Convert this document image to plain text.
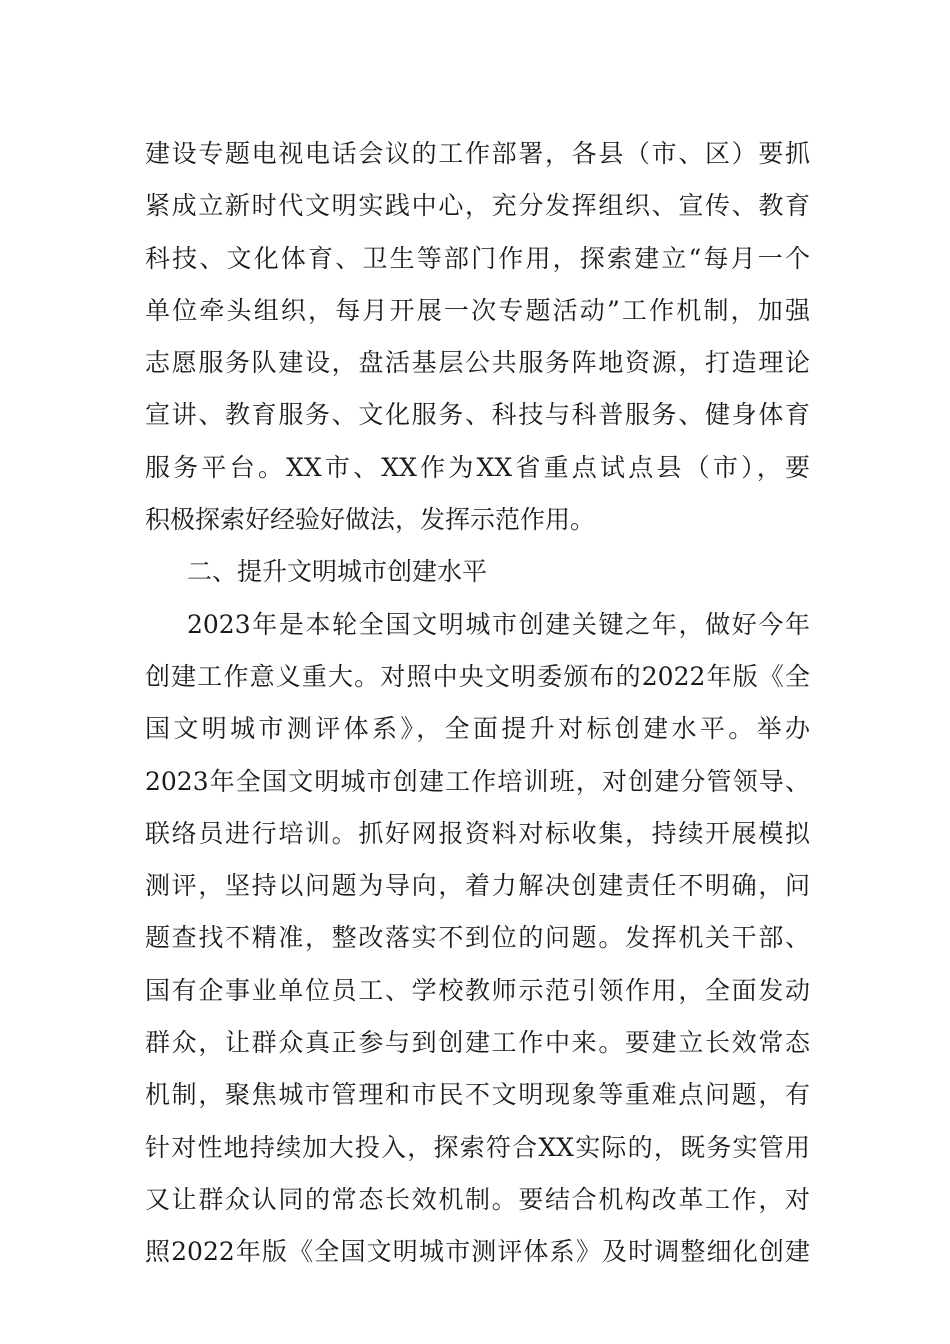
建设专题电视电话会议的工作部署，各县（市、区）要抓
紧成立新时代文明实践中心，充分发挥组织、宣传、教育
科技、文化体育、卫生等部门作用，探索建立“每月一个
单位牵头组织，每月开展一次专题活动”工作机制，加强
志愿服务队建设，盘活基层公共服务阵地资源，打造理论
宣讲、教育服务、文化服务、科技与科普服务、健身体育
服务平台。XX市、XX作为XX省重点试点县（市），要
积极探索好经验好做法，发挥示范作用。
二、提升文明城市创建水平
2023年是本轮全国文明城市创建关键之年，做好今年
创建工作意义重大。对照中央文明委颁布的2022年版《全
国文明城市测评体系》，全面提升对标创建水平。举办
2023年全国文明城市创建工作培训班，对创建分管领导、
联络员进行培训。抓好网报资料对标收集，持续开展模拟
测评，坚持以问题为导向，着力解决创建责任不明确，问
题查找不精准，整改落实不到位的问题。发挥机关干部、
国有企事业单位员工、学校教师示范引领作用，全面发动
群众，让群众真正参与到创建工作中来。要建立长效常态
机制，聚焦城市管理和市民不文明现象等重难点问题，有
针对性地持续加大投入，探索符合XX实际的，既务实管用
又让群众认同的常态长效机制。要结合机构改革工作，对
照2022年版《全国文明城市测评体系》及时调整细化创建
